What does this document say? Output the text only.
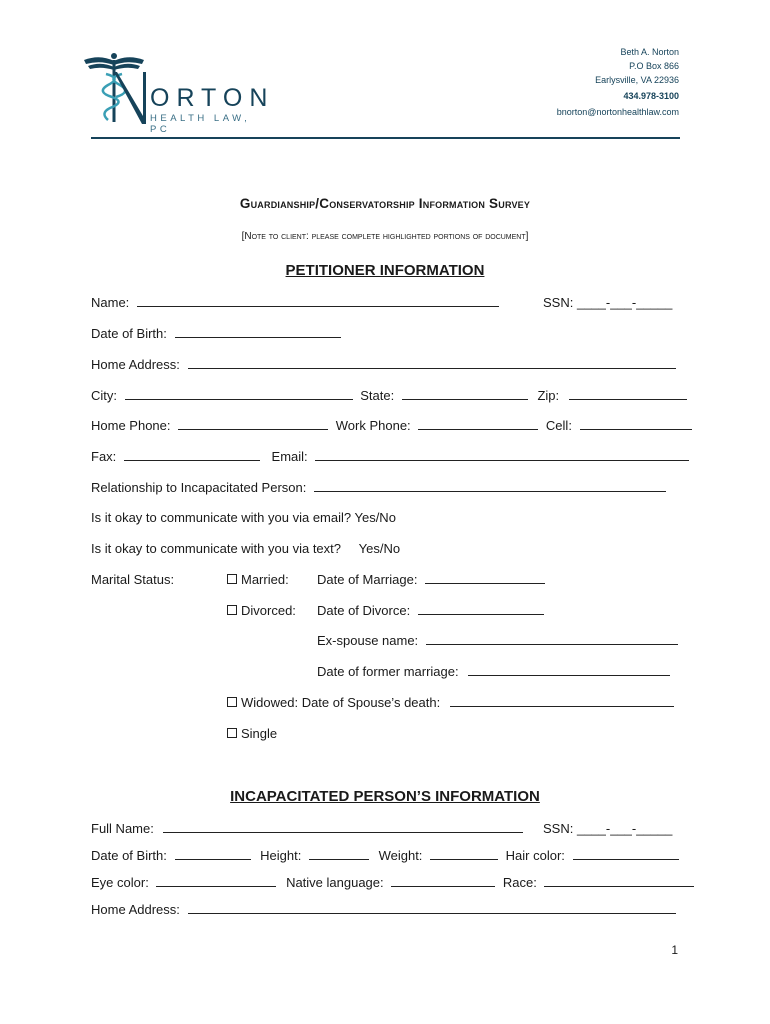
ORTON
HEALTH LAW, PC
Beth A. Norton
P.O Box 866
Earlysville, VA 22936
434.978-3100
bnorton@nortonhealthlaw.com
Guardianship/Conservatorship Information Survey
[Note to client: please complete highlighted portions of document]
PETITIONER INFORMATION
Name:	SSN: ____-___-_____
Date of Birth:
Home Address:
City:	State:	Zip:
Home Phone:	Work Phone:	Cell:
Fax:	Email:
Relationship to Incapacitated Person:
Is it okay to communicate with you via email? Yes/No
Is it okay to communicate with you via text? Yes/No
Marital Status:	Married: Date of Marriage:
Divorced: Date of Divorce:
Ex-spouse name:
Date of former marriage:
Widowed: Date of Spouse’s death:
Single
INCAPACITATED PERSON’S INFORMATION
Full Name:	SSN: ____-___-_____
Date of Birth:	Height:	Weight:	Hair color:
Eye color:	Native language:	Race:
Home Address:
1
